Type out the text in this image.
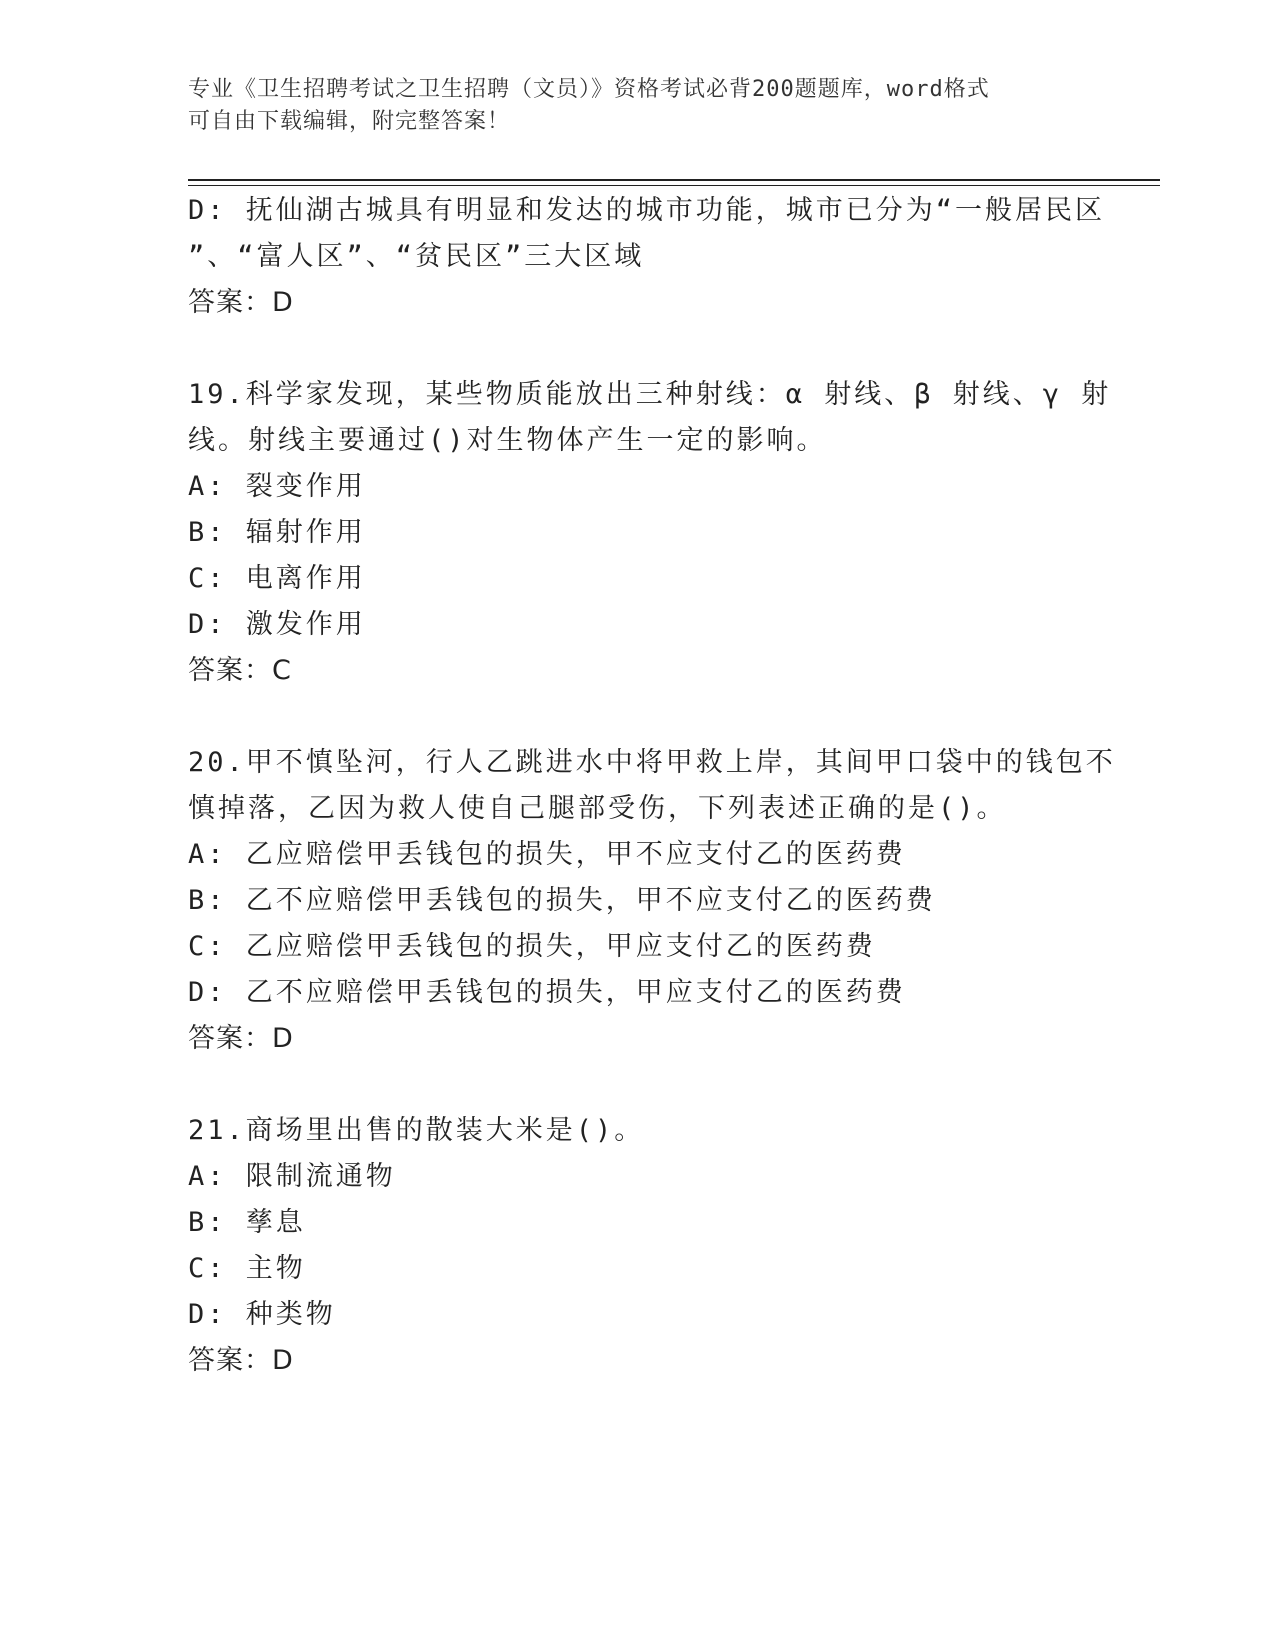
专业《卫生招聘考试之卫生招聘（文员）》资格考试必背200题题库，word格式
可自由下载编辑，附完整答案！
D: 抚仙湖古城具有明显和发达的城市功能，城市已分为“一般居民区
”、“富人区”、“贫民区”三大区域
答案：D
19.科学家发现，某些物质能放出三种射线：α 射线、β 射线、γ 射
线。射线主要通过()对生物体产生一定的影响。
A: 裂变作用
B: 辐射作用
C: 电离作用
D: 激发作用
答案：C
20.甲不慎坠河，行人乙跳进水中将甲救上岸，其间甲口袋中的钱包不
慎掉落，乙因为救人使自己腿部受伤，下列表述正确的是()。
A: 乙应赔偿甲丢钱包的损失，甲不应支付乙的医药费
B: 乙不应赔偿甲丢钱包的损失，甲不应支付乙的医药费
C: 乙应赔偿甲丢钱包的损失，甲应支付乙的医药费
D: 乙不应赔偿甲丢钱包的损失，甲应支付乙的医药费
答案：D
21.商场里出售的散装大米是()。
A: 限制流通物
B: 孳息
C: 主物
D: 种类物
答案：D
